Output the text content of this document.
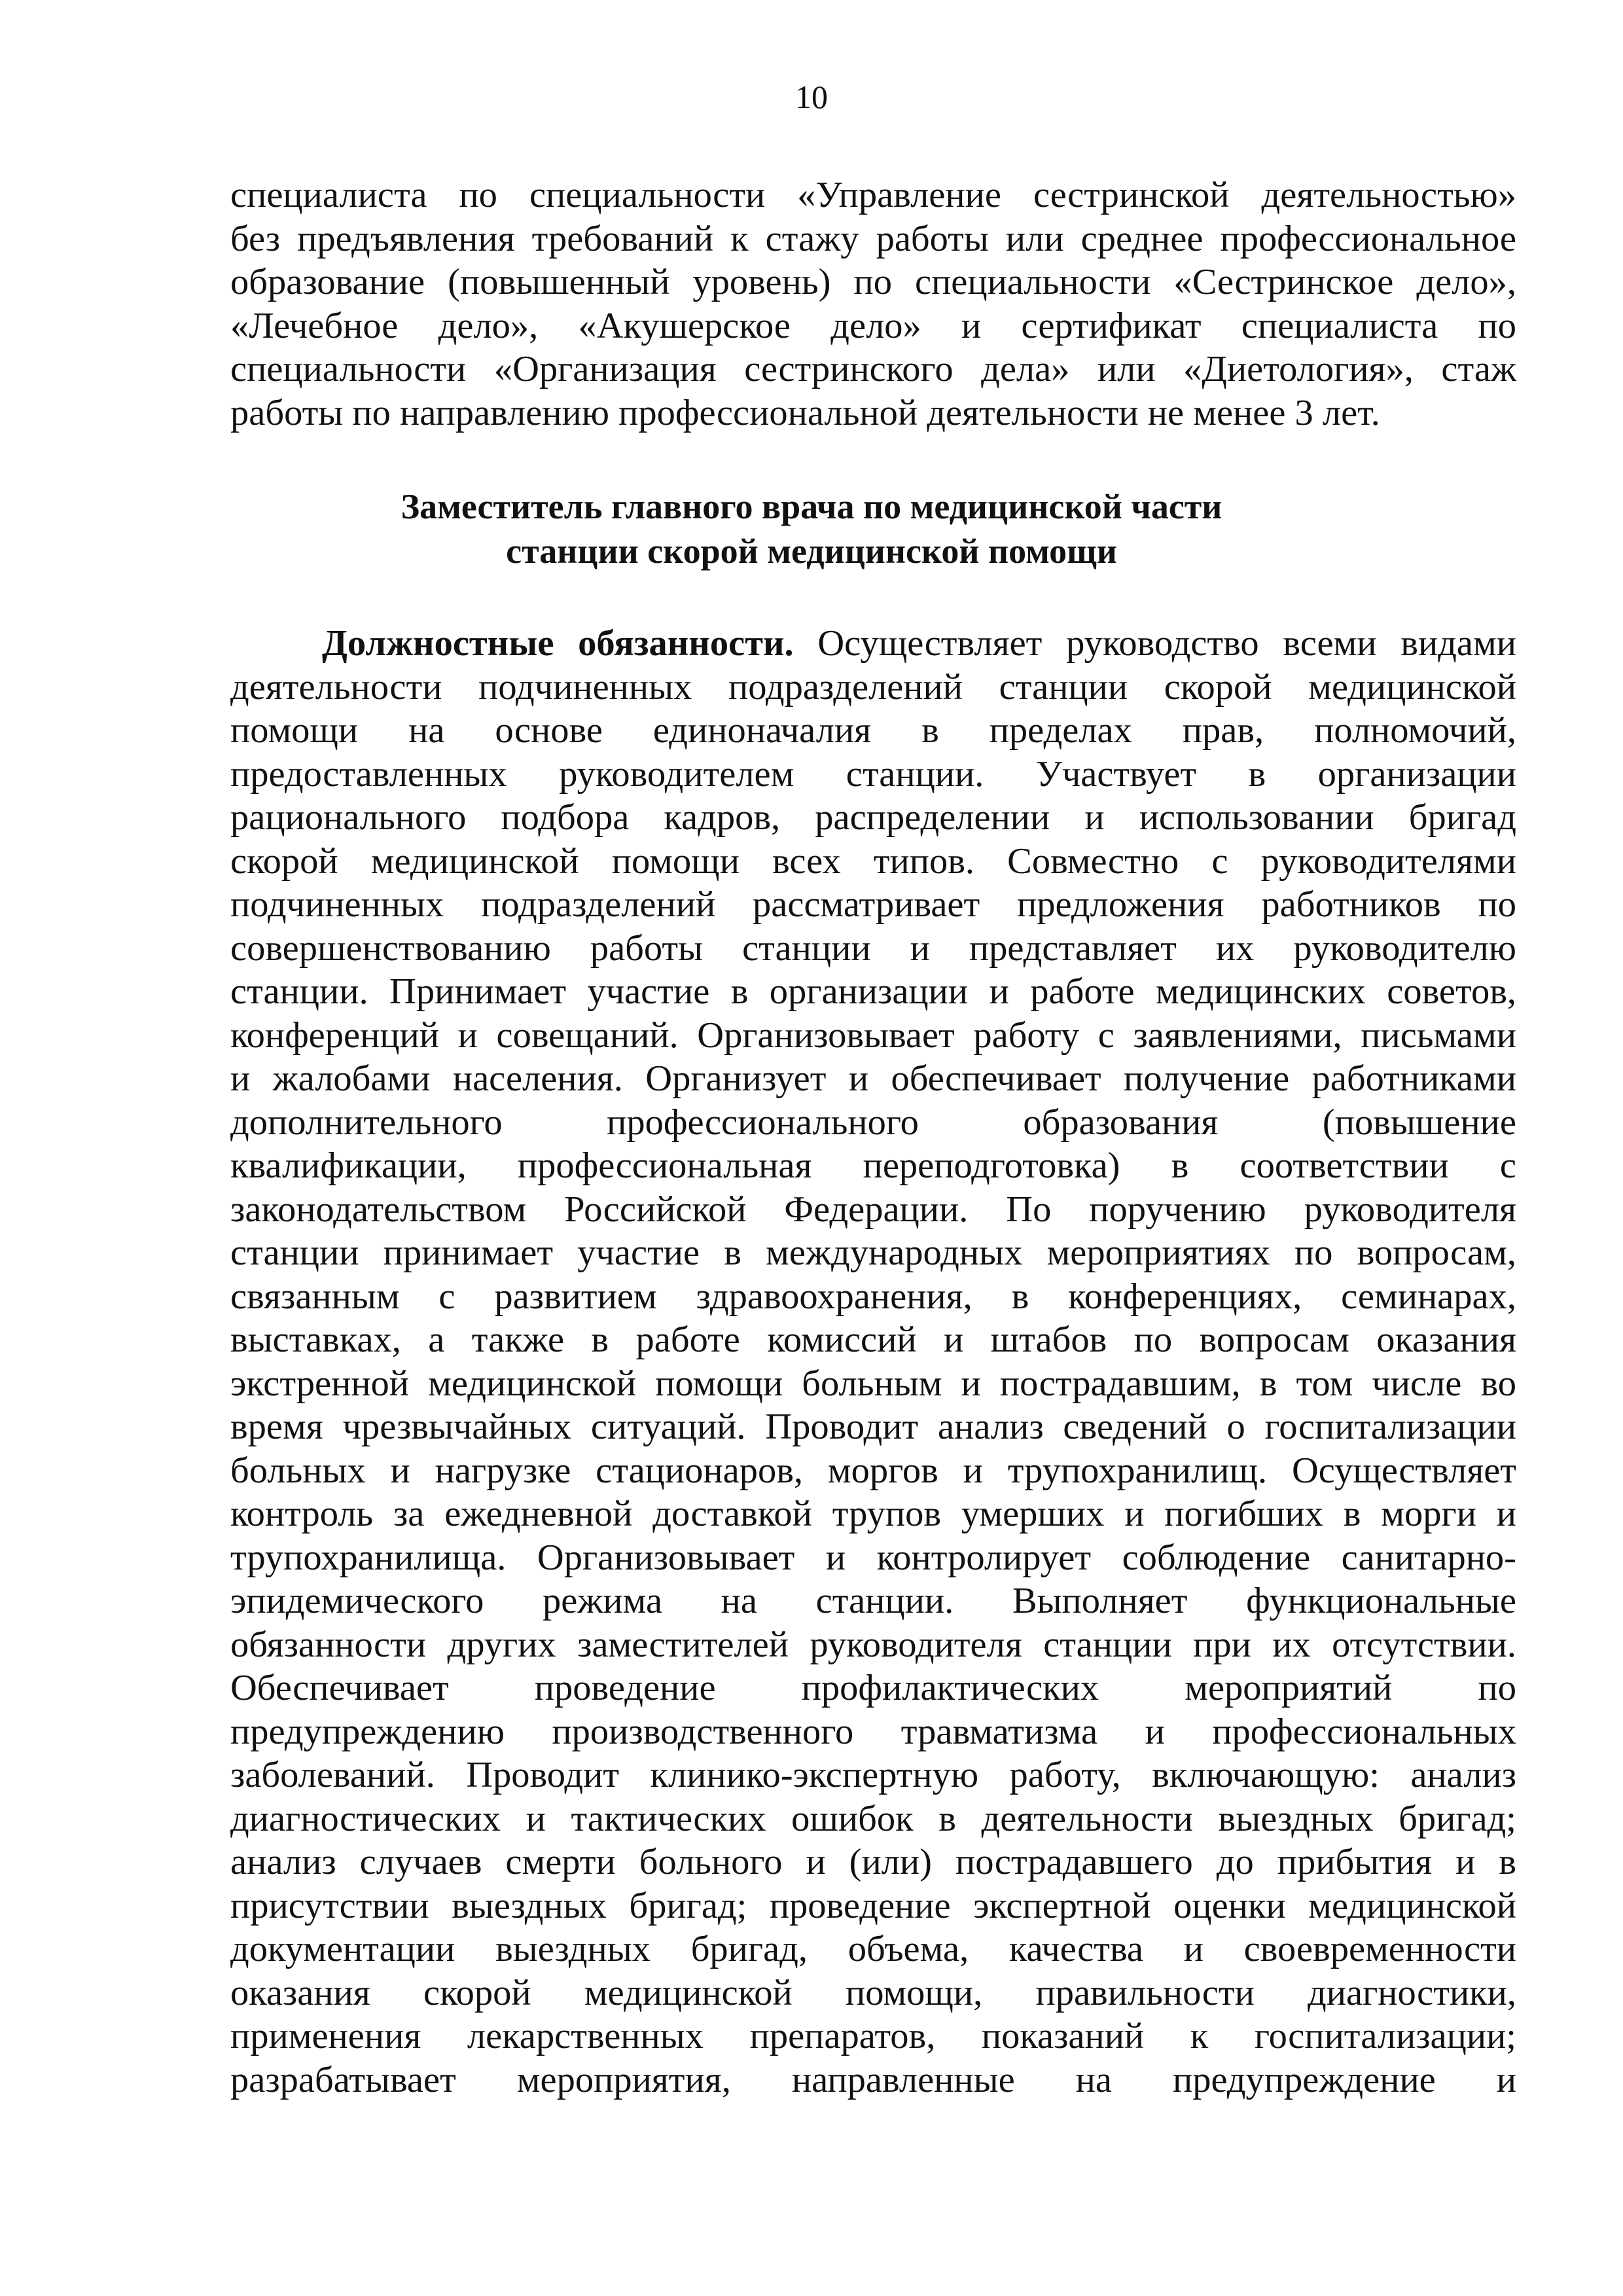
10
специалиста по специальности «Управление сестринской деятельностью»
без предъявления требований к стажу работы или среднее профессиональное
образование (повышенный уровень) по специальности «Сестринское дело»,
«Лечебное дело», «Акушерское дело» и сертификат специалиста по
специальности «Организация сестринского дела» или «Диетология», стаж
работы по направлению профессиональной деятельности не менее 3 лет.
Заместитель главного врача по медицинской части
станции скорой медицинской помощи
Должностные обязанности. Осуществляет руководство всеми видами
деятельности подчиненных подразделений станции скорой медицинской
помощи на основе единоначалия в пределах прав, полномочий,
предоставленных руководителем станции. Участвует в организации
рационального подбора кадров, распределении и использовании бригад
скорой медицинской помощи всех типов. Совместно с руководителями
подчиненных подразделений рассматривает предложения работников по
совершенствованию работы станции и представляет их руководителю
станции. Принимает участие в организации и работе медицинских советов,
конференций и совещаний. Организовывает работу с заявлениями, письмами
и жалобами населения. Организует и обеспечивает получение работниками
дополнительного профессионального образования (повышение
квалификации, профессиональная переподготовка) в соответствии с
законодательством Российской Федерации. По поручению руководителя
станции принимает участие в международных мероприятиях по вопросам,
связанным с развитием здравоохранения, в конференциях, семинарах,
выставках, а также в работе комиссий и штабов по вопросам оказания
экстренной медицинской помощи больным и пострадавшим, в том числе во
время чрезвычайных ситуаций. Проводит анализ сведений о госпитализации
больных и нагрузке стационаров, моргов и трупохранилищ. Осуществляет
контроль за ежедневной доставкой трупов умерших и погибших в морги и
трупохранилища. Организовывает и контролирует соблюдение санитарно-
эпидемического режима на станции. Выполняет функциональные
обязанности других заместителей руководителя станции при их отсутствии.
Обеспечивает проведение профилактических мероприятий по
предупреждению производственного травматизма и профессиональных
заболеваний. Проводит клинико-экспертную работу, включающую: анализ
диагностических и тактических ошибок в деятельности выездных бригад;
анализ случаев смерти больного и (или) пострадавшего до прибытия и в
присутствии выездных бригад; проведение экспертной оценки медицинской
документации выездных бригад, объема, качества и своевременности
оказания скорой медицинской помощи, правильности диагностики,
применения лекарственных препаратов, показаний к госпитализации;
разрабатывает мероприятия, направленные на предупреждение и
